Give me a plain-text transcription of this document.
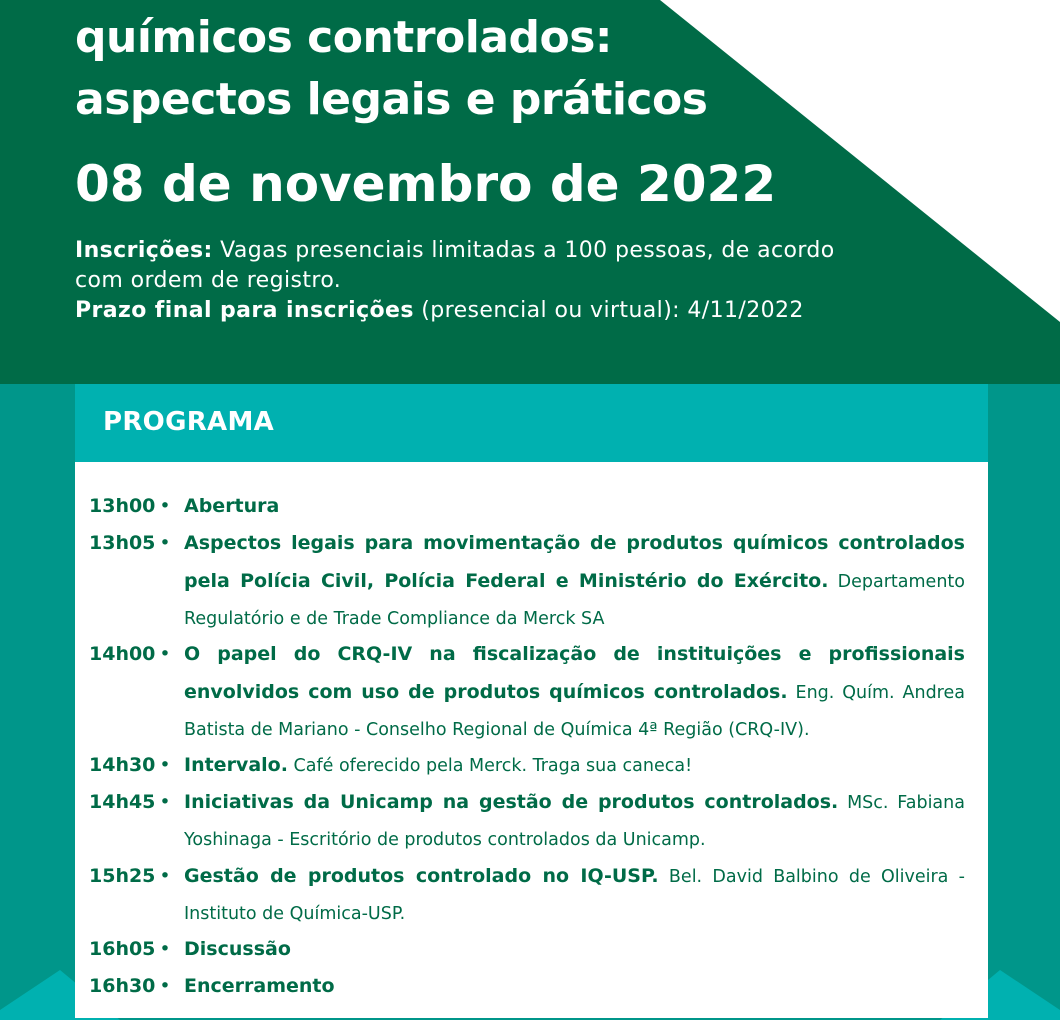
químicos controlados:
aspectos legais e práticos
08 de novembro de 2022
Inscrições: Vagas presenciais limitadas a 100 pessoas, de acordo com ordem de registro.
Prazo final para inscrições (presencial ou virtual): 4/11/2022
PROGRAMA
13h00 • Abertura
13h05 • Aspectos legais para movimentação de produtos químicos controlados pela Polícia Civil, Polícia Federal e Ministério do Exército. Departamento Regulatório e de Trade Compliance da Merck SA
14h00 • O papel do CRQ-IV na fiscalização de instituições e profissionais envolvidos com uso de produtos químicos controlados. Eng. Quím. Andrea Batista de Mariano - Conselho Regional de Química 4ª Região (CRQ-IV).
14h30 • Intervalo. Café oferecido pela Merck. Traga sua caneca!
14h45 • Iniciativas da Unicamp na gestão de produtos controlados. MSc. Fabiana Yoshinaga - Escritório de produtos controlados da Unicamp.
15h25 • Gestão de produtos controlado no IQ-USP. Bel. David Balbino de Oliveira - Instituto de Química-USP.
16h05 • Discussão
16h30 • Encerramento
